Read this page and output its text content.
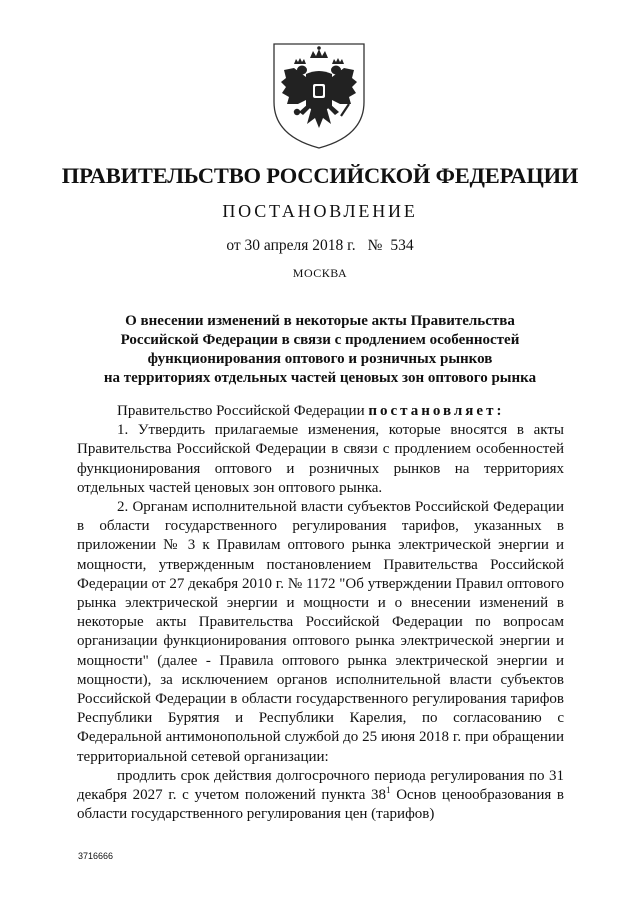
ПРАВИТЕЛЬСТВО РОССИЙСКОЙ ФЕДЕРАЦИИ
ПОСТАНОВЛЕНИЕ
от 30 апреля 2018 г. № 534
МОСКВА
О внесении изменений в некоторые акты Правительства
Российской Федерации в связи с продлением особенностей
функционирования оптового и розничных рынков
на территориях отдельных частей ценовых зон оптового рынка

Правительство Российской Федерации постановляет:

1. Утвердить прилагаемые изменения, которые вносятся в акты Правительства Российской Федерации в связи с продлением особенностей функционирования оптового и розничных рынков на территориях отдельных частей ценовых зон оптового рынка.

2. Органам исполнительной власти субъектов Российской Федерации в области государственного регулирования тарифов, указанных в приложении № 3 к Правилам оптового рынка электрической энергии и мощности, утвержденным постановлением Правительства Российской Федерации от 27 декабря 2010 г. № 1172 "Об утверждении Правил оптового рынка электрической энергии и мощности и о внесении изменений в некоторые акты Правительства Российской Федерации по вопросам организации функционирования оптового рынка электрической энергии и мощности" (далее - Правила оптового рынка электрической энергии и мощности), за исключением органов исполнительной власти субъектов Российской Федерации в области государственного регулирования тарифов Республики Бурятия и Республики Карелия, по согласованию с Федеральной антимонопольной службой до 25 июня 2018 г. при обращении территориальной сетевой организации:

продлить срок действия долгосрочного периода регулирования по 31 декабря 2027 г. с учетом положений пункта $38^1$ Основ ценообразования в области государственного регулирования цен (тарифов)

3716666
